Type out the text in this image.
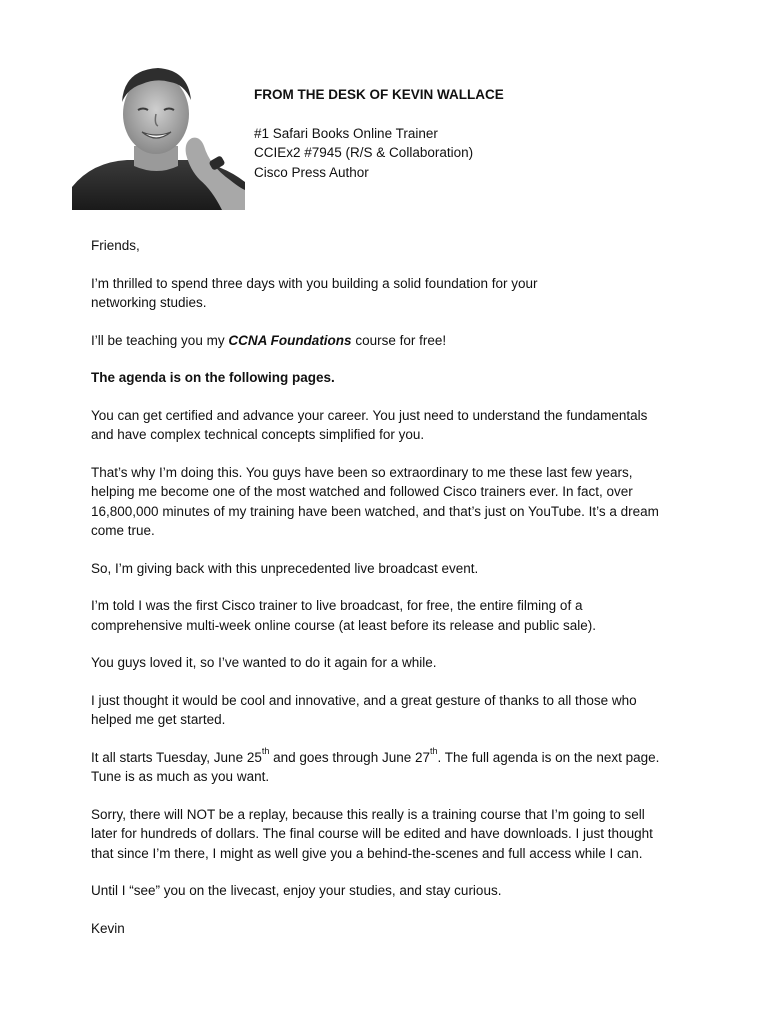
FROM THE DESK OF KEVIN WALLACE
#1 Safari Books Online Trainer
CCIEx2 #7945 (R/S & Collaboration)
Cisco Press Author

Friends,

I’m thrilled to spend three days with you building a solid foundation for your
networking studies.

I’ll be teaching you my CCNA Foundations course for free!

The agenda is on the following pages.

You can get certified and advance your career. You just need to understand the fundamentals
and have complex technical concepts simplified for you.

That’s why I’m doing this. You guys have been so extraordinary to me these last few years,
helping me become one of the most watched and followed Cisco trainers ever. In fact, over
16,800,000 minutes of my training have been watched, and that’s just on YouTube. It’s a dream
come true.

So, I’m giving back with this unprecedented live broadcast event.

I’m told I was the first Cisco trainer to live broadcast, for free, the entire filming of a
comprehensive multi-week online course (at least before its release and public sale).

You guys loved it, so I’ve wanted to do it again for a while.

I just thought it would be cool and innovative, and a great gesture of thanks to all those who
helped me get started.

It all starts Tuesday, June 25th and goes through June 27th. The full agenda is on the next page.
Tune is as much as you want.

Sorry, there will NOT be a replay, because this really is a training course that I’m going to sell
later for hundreds of dollars. The final course will be edited and have downloads. I just thought
that since I’m there, I might as well give you a behind-the-scenes and full access while I can.

Until I “see” you on the livecast, enjoy your studies, and stay curious.

Kevin
